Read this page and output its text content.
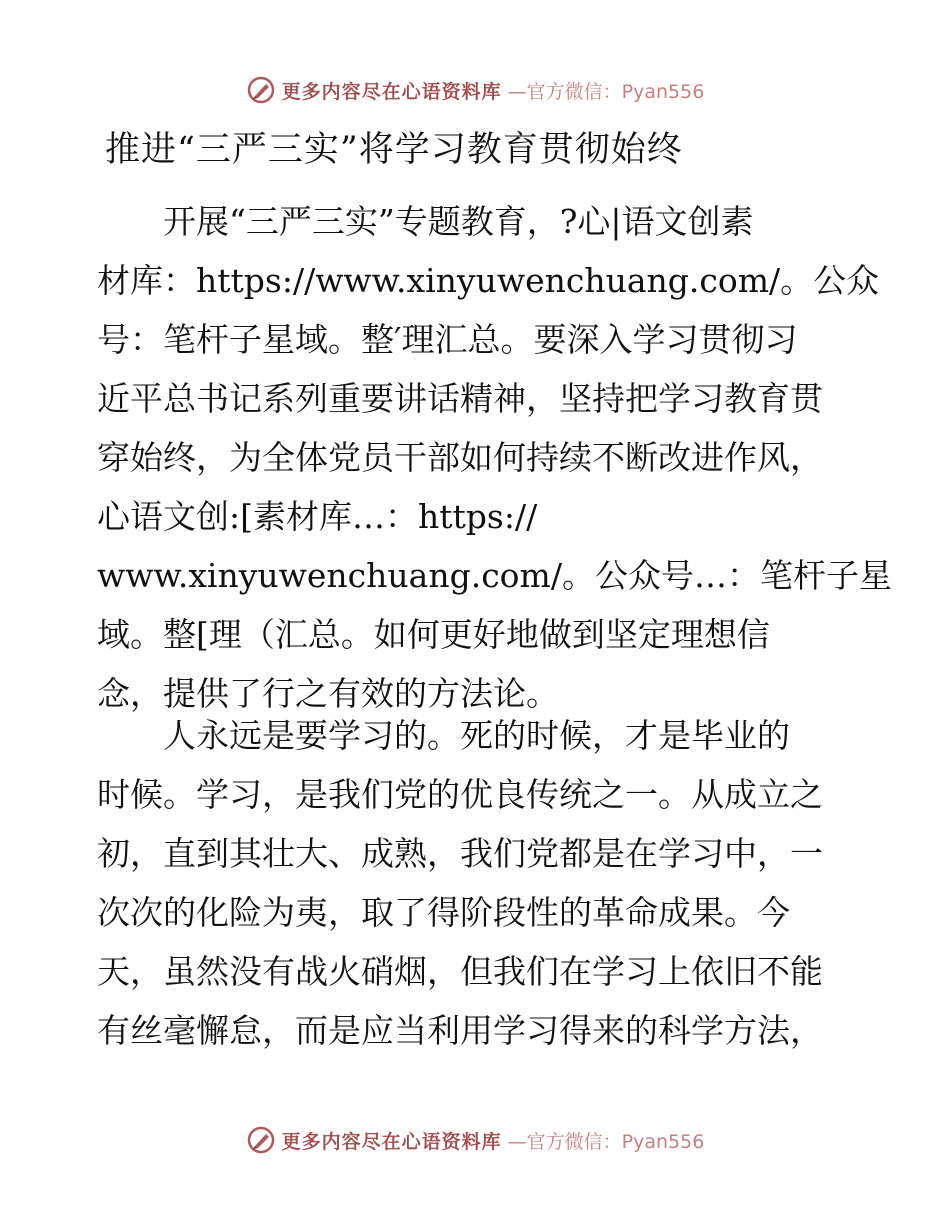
更多内容尽在心语资料库 —官方微信：Pyan556
推进“三严三实”将学习教育贯彻始终
　　开展“三严三实”专题教育，?心|语文创素
材库：https://www.xinyuwenchuang.com/。公众
号：笔杆子星域。整′理汇总。要深入学习贯彻习
近平总书记系列重要讲话精神，坚持把学习教育贯
穿始终，为全体党员干部如何持续不断改进作风，
心语文创:[素材库…：https://
www.xinyuwenchuang.com/。公众号…：笔杆子星
域。整[理（汇总。如何更好地做到坚定理想信
念，提供了行之有效的方法论。
　　人永远是要学习的。死的时候，才是毕业的
时候。学习，是我们党的优良传统之一。从成立之
初，直到其壮大、成熟，我们党都是在学习中，一
次次的化险为夷，取了得阶段性的革命成果。今
天，虽然没有战火硝烟，但我们在学习上依旧不能
有丝毫懈怠，而是应当利用学习得来的科学方法，
更多内容尽在心语资料库 —官方微信：Pyan556
